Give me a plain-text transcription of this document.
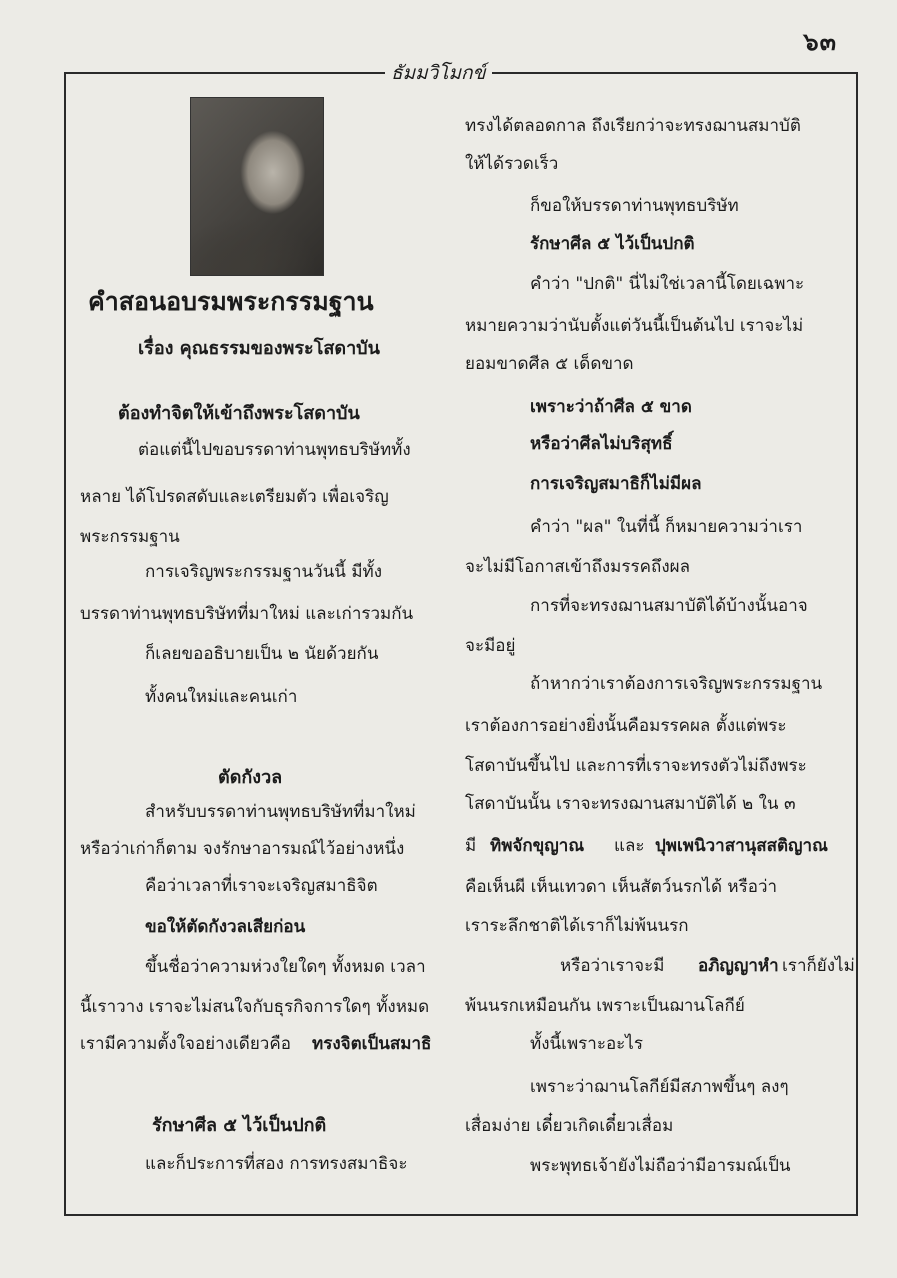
๖๓
ธัมมวิโมกข์
คำสอนอบรมพระกรรมฐาน
เรื่อง คุณธรรมของพระโสดาบัน
ต้องทำจิตให้เข้าถึงพระโสดาบัน
ต่อแต่นี้ไปขอบรรดาท่านพุทธบริษัททั้ง
หลาย ได้โปรดสดับและเตรียมตัว เพื่อเจริญ
พระกรรมฐาน
การเจริญพระกรรมฐานวันนี้ มีทั้ง
บรรดาท่านพุทธบริษัทที่มาใหม่ และเก่ารวมกัน
ก็เลยขออธิบายเป็น ๒ นัยด้วยกัน
ทั้งคนใหม่และคนเก่า
ตัดกังวล
สำหรับบรรดาท่านพุทธบริษัทที่มาใหม่
หรือว่าเก่าก็ตาม จงรักษาอารมณ์ไว้อย่างหนึ่ง
คือว่าเวลาที่เราจะเจริญสมาธิจิต
ขอให้ตัดกังวลเสียก่อน
ขึ้นชื่อว่าความห่วงใยใดๆ ทั้งหมด เวลา
นี้เราวาง เราจะไม่สนใจกับธุรกิจการใดๆ ทั้งหมด
เรามีความตั้งใจอย่างเดียวคือ ทรงจิตเป็นสมาธิ
รักษาศีล ๕ ไว้เป็นปกติ
และก็ประการที่สอง การทรงสมาธิจะ
ทรงได้ตลอดกาล ถึงเรียกว่าจะทรงฌานสมาบัติ
ให้ได้รวดเร็ว
ก็ขอให้บรรดาท่านพุทธบริษัท
รักษาศีล ๕ ไว้เป็นปกติ
คำว่า "ปกติ" นี่ไม่ใช่เวลานี้โดยเฉพาะ
หมายความว่านับตั้งแต่วันนี้เป็นต้นไป เราจะไม่
ยอมขาดศีล ๕ เด็ดขาด
เพราะว่าถ้าศีล ๕ ขาด
หรือว่าศีลไม่บริสุทธิ์
การเจริญสมาธิก็ไม่มีผล
คำว่า "ผล" ในที่นี้ ก็หมายความว่าเรา
จะไม่มีโอกาสเข้าถึงมรรคถึงผล
การที่จะทรงฌานสมาบัติได้บ้างนั้นอาจ
จะมีอยู่
ถ้าหากว่าเราต้องการเจริญพระกรรมฐาน
เราต้องการอย่างยิ่งนั้นคือมรรคผล ตั้งแต่พระ
โสดาบันขึ้นไป และการที่เราจะทรงตัวไม่ถึงพระ
โสดาบันนั้น เราจะทรงฌานสมาบัติได้ ๒ ใน ๓
มี ทิพจักขุญาณ และ ปุพเพนิวาสานุสสติญาณ
คือเห็นผี เห็นเทวดา เห็นสัตว์นรกได้ หรือว่า
เราระลึกชาติได้เราก็ไม่พ้นนรก
หรือว่าเราจะมี อภิญญาหำ เราก็ยังไม่
พ้นนรกเหมือนกัน เพราะเป็นฌานโลกีย์
ทั้งนี้เพราะอะไร
เพราะว่าฌานโลกีย์มีสภาพขึ้นๆ ลงๆ
เสื่อมง่าย เดี๋ยวเกิดเดี๋ยวเสื่อม
พระพุทธเจ้ายังไม่ถือว่ามีอารมณ์เป็น
